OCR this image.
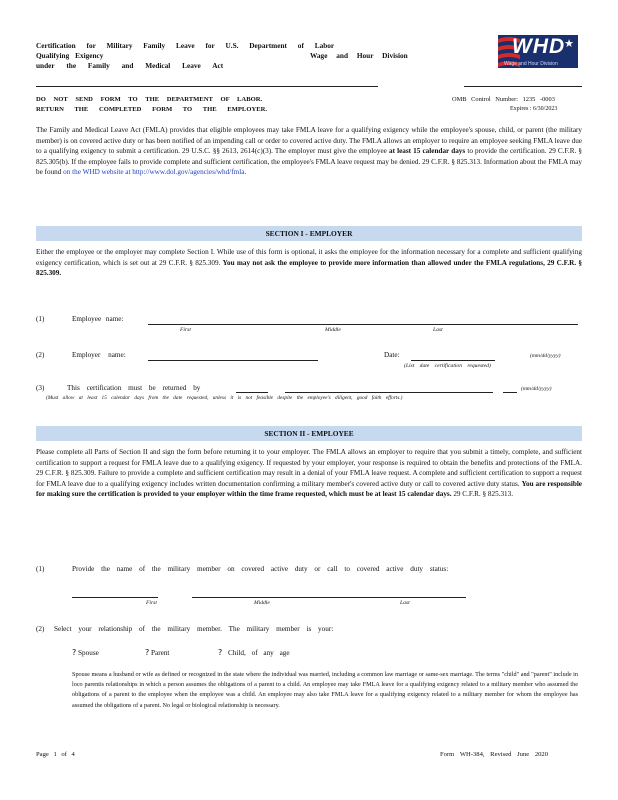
Certification for Military Family Leave for U.S. Department of Labor
Qualifying Exigency	Wage and Hour Division
under the Family and Medical Leave Act
WHD
★
Wage and Hour Division
DO NOT SEND FORM TO THE DEPARTMENT OF LABOR.
RETURN THE COMPLETED FORM TO THE EMPLOYER.
OMB Control Number: 1235 -0003
Expires : 6/30/2023
The Family and Medical Leave Act (FMLA) provides that eligible employees may take FMLA leave for a qualifying exigency while the employee's spouse, child, or parent (the military member) is on covered active duty or has been notified of an impending call or order to covered active duty. The FMLA allows an employer to require an employee seeking FMLA leave due to a qualifying exigency to submit a certification. 29 U.S.C. §§ 2613, 2614(c)(3). The employer must give the employee at least 15 calendar days to provide the certification. 29 C.F.R. § 825.305(b). If the employee fails to provide complete and sufficient certification, the employee's FMLA leave request may be denied. 29 C.F.R. § 825.313. Information about the FMLA may be found on the WHD website at http://www.dol.gov/agencies/whd/fmla.
SECTION I - EMPLOYER
Either the employee or the employer may complete Section I. While use of this form is optional, it asks the employee for the information necessary for a complete and sufficient qualifying exigency certification, which is set out at 29 C.F.R. § 825.309. You may not ask the employee to provide more information than allowed under the FMLA regulations, 29 C.F.R. § 825.309.
(1)	Employee name:
First	Middle	Last
(2)	Employer name:	Date:	(mm/dd/yyyy)
(List date certification requested)
(3)	This certification must be returned by	(mm/dd/yyyy)
(Must allow at least 15 calendar days from the date requested, unless it is not feasible despite the employee's diligent, good faith efforts.)
SECTION II - EMPLOYEE
Please complete all Parts of Section II and sign the form before returning it to your employer. The FMLA allows an employer to require that you submit a timely, complete, and sufficient certification to support a request for FMLA leave due to a qualifying exigency. If requested by your employer, your response is required to obtain the benefits and protections of the FMLA. 29 C.F.R. § 825.309. Failure to provide a complete and sufficient certification may result in a denial of your FMLA leave request. A complete and sufficient certification to support a request for FMLA leave due to a qualifying exigency includes written documentation confirming a military member's covered active duty or call to covered active duty status. You are responsible for making sure the certification is provided to your employer within the time frame requested, which must be at least 15 calendar days. 29 C.F.R. § 825.313.
(1)	Provide the name of the military member on covered active duty or call to covered active duty status:
First	Middle	Last
(2) Select your relationship of the military member. The military member is your:
? Spouse	? Parent	? Child, of any age
Spouse means a husband or wife as defined or recognized in the state where the individual was married, including a common law marriage or same-sex marriage. The terms "child" and "parent" include in loco parentis relationships in which a person assumes the obligations of a parent to a child. An employee may take FMLA leave for a qualifying exigency related to a military member who assumed the obligations of a parent to the employee when the employee was a child. An employee may also take FMLA leave for a qualifying exigency related to a military member for whom the employee has assumed the obligations of a parent. No legal or biological relationship is necessary.
Page 1 of 4	Form WH-384, Revised June 2020
